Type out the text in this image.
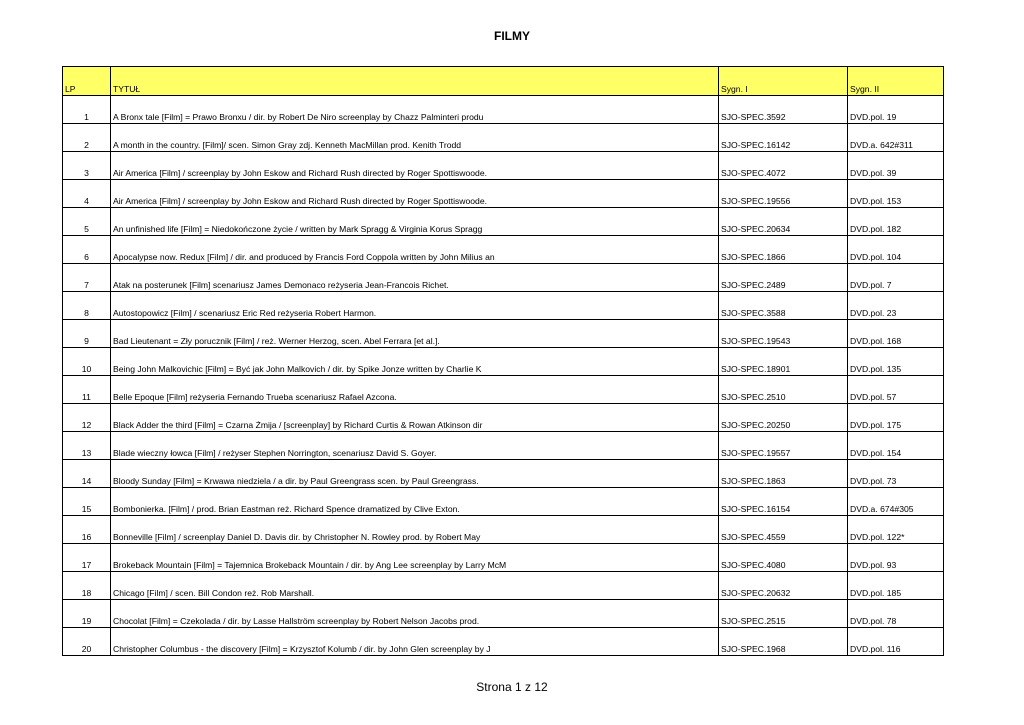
FILMY
LP	TYTUŁ	Sygn. I	Sygn. II
1	A Bronx tale [Film] = Prawo Bronxu / dir. by Robert De Niro screenplay by Chazz Palminteri produ	SJO-SPEC.3592	DVD.pol. 19
2	A month in the country. [Film]/ scen. Simon Gray zdj. Kenneth MacMillan prod. Kenith Trodd	SJO-SPEC.16142	DVD.a. 642#311
3	Air America [Film] / screenplay by John Eskow and Richard Rush directed by Roger Spottiswoode.	SJO-SPEC.4072	DVD.pol. 39
4	Air America [Film] / screenplay by John Eskow and Richard Rush directed by Roger Spottiswoode.	SJO-SPEC.19556	DVD.pol. 153
5	An unfinished life [Film] = Niedokończone życie / written by Mark Spragg & Virginia Korus Spragg	SJO-SPEC.20634	DVD.pol. 182
6	Apocalypse now. Redux [Film] / dir. and produced by Francis Ford Coppola written by John Milius an	SJO-SPEC.1866	DVD.pol. 104
7	Atak na posterunek [Film] scenariusz James Demonaco reżyseria Jean-Francois Richet.	SJO-SPEC.2489	DVD.pol. 7
8	Autostopowicz [Film] / scenariusz Eric Red reżyseria Robert Harmon.	SJO-SPEC.3588	DVD.pol. 23
9	Bad Lieutenant = Zły porucznik [Film] / reż. Werner Herzog, scen. Abel Ferrara [et al.].	SJO-SPEC.19543	DVD.pol. 168
10	Being John Malkovichic [Film] = Być jak John Malkovich / dir. by Spike Jonze written by Charlie K	SJO-SPEC.18901	DVD.pol. 135
11	Belle Epoque [Film] reżyseria Fernando Trueba scenariusz Rafael Azcona.	SJO-SPEC.2510	DVD.pol. 57
12	Black Adder the third [Film] = Czarna Żmija / [screenplay] by Richard Curtis & Rowan Atkinson dir	SJO-SPEC.20250	DVD.pol. 175
13	Blade wieczny łowca [Film] / reżyser Stephen Norrington, scenariusz David S. Goyer.	SJO-SPEC.19557	DVD.pol. 154
14	Bloody Sunday [Film] = Krwawa niedziela / a dir. by Paul Greengrass scen. by Paul Greengrass.	SJO-SPEC.1863	DVD.pol. 73
15	Bombonierka. [Film] / prod. Brian Eastman reż. Richard Spence dramatized by Clive Exton.	SJO-SPEC.16154	DVD.a. 674#305
16	Bonneville [Film] / screenplay Daniel D. Davis dir. by Christopher N. Rowley prod. by Robert May	SJO-SPEC.4559	DVD.pol. 122*
17	Brokeback Mountain [Film] = Tajemnica Brokeback Mountain / dir. by Ang Lee screenplay by Larry McM	SJO-SPEC.4080	DVD.pol. 93
18	Chicago [Film] / scen. Bill Condon reż. Rob Marshall.	SJO-SPEC.20632	DVD.pol. 185
19	Chocolat [Film] = Czekolada / dir. by Lasse Hallström screenplay by Robert Nelson Jacobs prod.	SJO-SPEC.2515	DVD.pol. 78
20	Christopher Columbus - the discovery [Film] = Krzysztof Kolumb / dir. by John Glen screenplay by J	SJO-SPEC.1968	DVD.pol. 116
Strona 1 z 12
